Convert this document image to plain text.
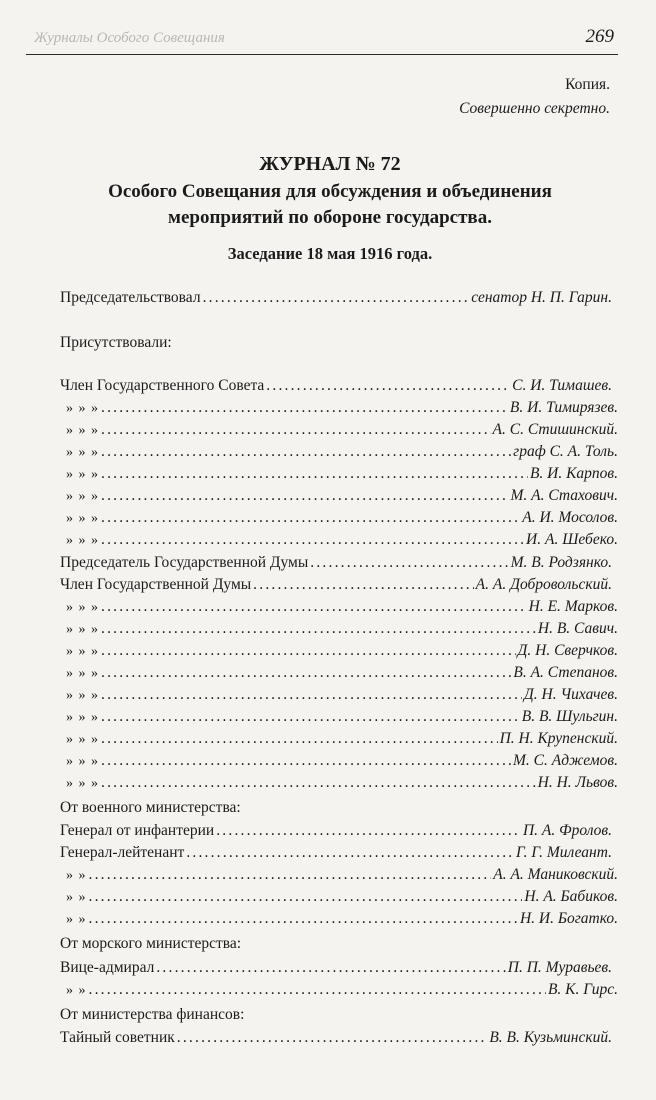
Журналы Особого Совещания	269
Копия.
Совершенно секретно.
ЖУРНАЛ № 72
Особого Совещания для обсуждения и объединения
мероприятий по обороне государства.
Заседание 18 мая 1916 года.
Председательствовал .....	сенатор Н. П. Гарин.
Присутствовали:
Член Государственного Совета .....	С. И. Тимашев.
» » » .....	В. И. Тимирязев.
» » » .....	А. С. Стишинский.
» » » .....	граф С. А. Толь.
» » » .....	В. И. Карпов.
» » » .....	М. А. Стахович.
» » » .....	А. И. Мосолов.
» » » .....	И. А. Шебеко.
Председатель Государственной Думы .....	М. В. Родзянко.
Член Государственной Думы .....	А. А. Добровольский.
» » » .....	Н. Е. Марков.
» » » .....	Н. В. Савич.
» » » .....	Д. Н. Сверчков.
» » » .....	В. А. Степанов.
» » » .....	Д. Н. Чихачев.
» » » .....	В. В. Шульгин.
» » » .....	П. Н. Крупенский.
» » » .....	М. С. Аджемов.
» » » .....	Н. Н. Львов.
От военного министерства:
Генерал от инфантерии .....	П. А. Фролов.
Генерал-лейтенант .....	Г. Г. Милеант.
» » .....	А. А. Маниковский.
» » .....	Н. А. Бабиков.
» » .....	Н. И. Богатко.
От морского министерства:
Вице-адмирал .....	П. П. Муравьев.
» » .....	В. К. Гирс.
От министерства финансов:
Тайный советник .....	В. В. Кузьминский.
